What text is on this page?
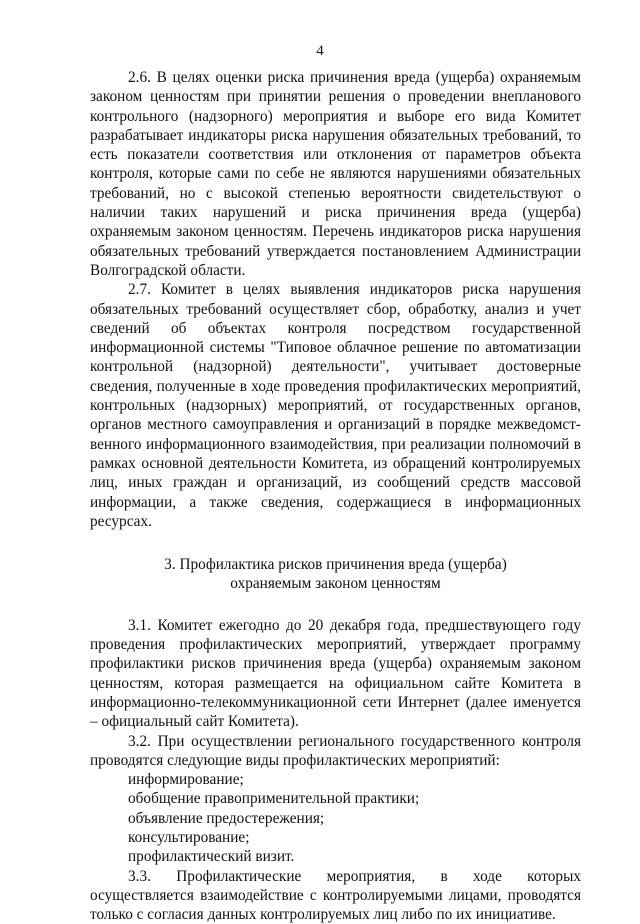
4

2.6. В целях оценки риска причинения вреда (ущерба) охраняемым законом ценностям при принятии решения о проведении внепланового контрольного (надзорного) мероприятия и выборе его вида Комитет разрабатывает индикаторы риска нарушения обязательных требований, то есть показатели соответствия или отклонения от параметров объекта контроля, которые сами по себе не являются нарушениями обязательных требований, но с высокой степенью вероятности свидетельствуют о наличии таких нарушений и риска причинения вреда (ущерба) охраняемым законом ценностям. Перечень индикаторов риска нарушения обязательных требований утверждается постановлением Администрации Волгоградской области.

2.7. Комитет в целях выявления индикаторов риска нарушения обязательных требований осуществляет сбор, обработку, анализ и учет сведений об объектах контроля посредством государственной информационной системы "Типовое облачное решение по автоматизации контрольной (надзорной) деятельности", учитывает достоверные сведения, полученные в ходе проведения профилактических мероприятий, контрольных (надзорных) мероприятий, от государственных органов, органов местного самоуправления и организаций в порядке межведомст-венного информационного взаимодействия, при реализации полномочий в рамках основной деятельности Комитета, из обращений контролируемых лиц, иных граждан и организаций, из сообщений средств массовой информации, а также сведения, содержащиеся в информационных ресурсах.

3. Профилактика рисков причинения вреда (ущерба)
охраняемым законом ценностям

3.1. Комитет ежегодно до 20 декабря года, предшествующего году проведения профилактических мероприятий, утверждает программу профилактики рисков причинения вреда (ущерба) охраняемым законом ценностям, которая размещается на официальном сайте Комитета в информационно-телекоммуникационной сети Интернет (далее именуется – официальный сайт Комитета).

3.2. При осуществлении регионального государственного контроля проводятся следующие виды профилактических мероприятий:

информирование;

обобщение правоприменительной практики;

объявление предостережения;

консультирование;

профилактический визит.

3.3. Профилактические мероприятия, в ходе которых осуществляется взаимодействие с контролируемыми лицами, проводятся только с согласия данных контролируемых лиц либо по их инициативе.
